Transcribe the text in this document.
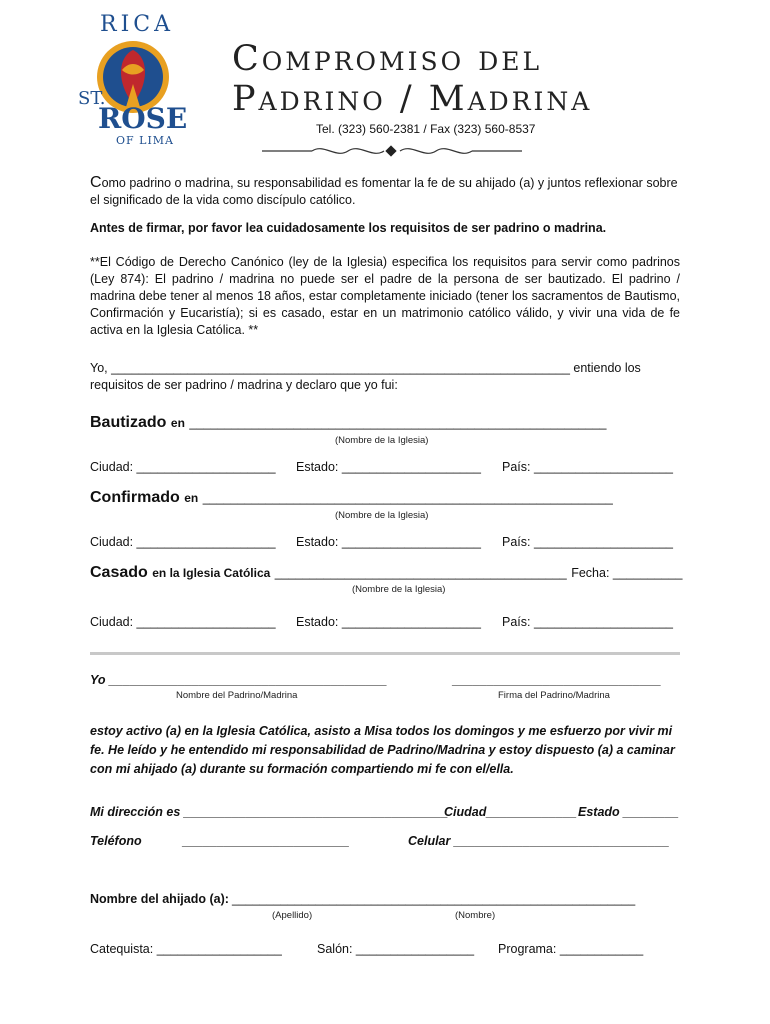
RICA
ST.
ROSE
OF LIMA
Compromiso del
Padrino / Madrina
Tel. (323) 560-2381 / Fax (323) 560-8537
Como padrino o madrina, su responsabilidad es fomentar la fe de su ahijado (a) y juntos reflexionar sobre el significado de la vida como discípulo católico.
Antes de firmar, por favor lea cuidadosamente los requisitos de ser padrino o madrina.
**El Código de Derecho Canónico (ley de la Iglesia) especifica los requisitos para servir como padrinos (Ley 874): El padrino / madrina no puede ser el padre de la persona de ser bautizado. El padrino / madrina debe tener al menos 18 años, estar completamente iniciado (tener los sacramentos de Bautismo, Confirmación y Eucaristía); si es casado, estar en un matrimonio católico válido, y vivir una vida de fe activa en la Iglesia Católica. **
Yo, __________________________________________________________________ entiendo los
requisitos de ser padrino / madrina y declaro que yo fui:
Bautizado en ____________________________________________________________
(Nombre de la Iglesia)
Ciudad: ____________________ Estado: ____________________ País: ____________________
Confirmado en ___________________________________________________________
(Nombre de la Iglesia)
Ciudad: ____________________ Estado: ____________________ País: ____________________
Casado en la Iglesia Católica __________________________________________ Fecha: __________
(Nombre de la Iglesia)
Ciudad: ____________________ Estado: ____________________ País: ____________________
Yo ________________________________________	______________________________
Nombre del Padrino/Madrina	Firma del Padrino/Madrina
estoy activo (a) en la Iglesia Católica, asisto a Misa todos los domingos y me esfuerzo por vivir mi fe. He leído y he entendido mi responsabilidad de Padrino/Madrina y estoy dispuesto (a) a caminar con mi ahijado (a) durante su formación compartiendo mi fe con el/ella.
Mi dirección es ______________________________________
Ciudad_____________ Estado ________
Teléfono	________________________	Celular _______________________________
Nombre del ahijado (a): __________________________________________________________
(Apellido)	(Nombre)
Catequista: __________________	Salón: _________________ Programa: ____________
